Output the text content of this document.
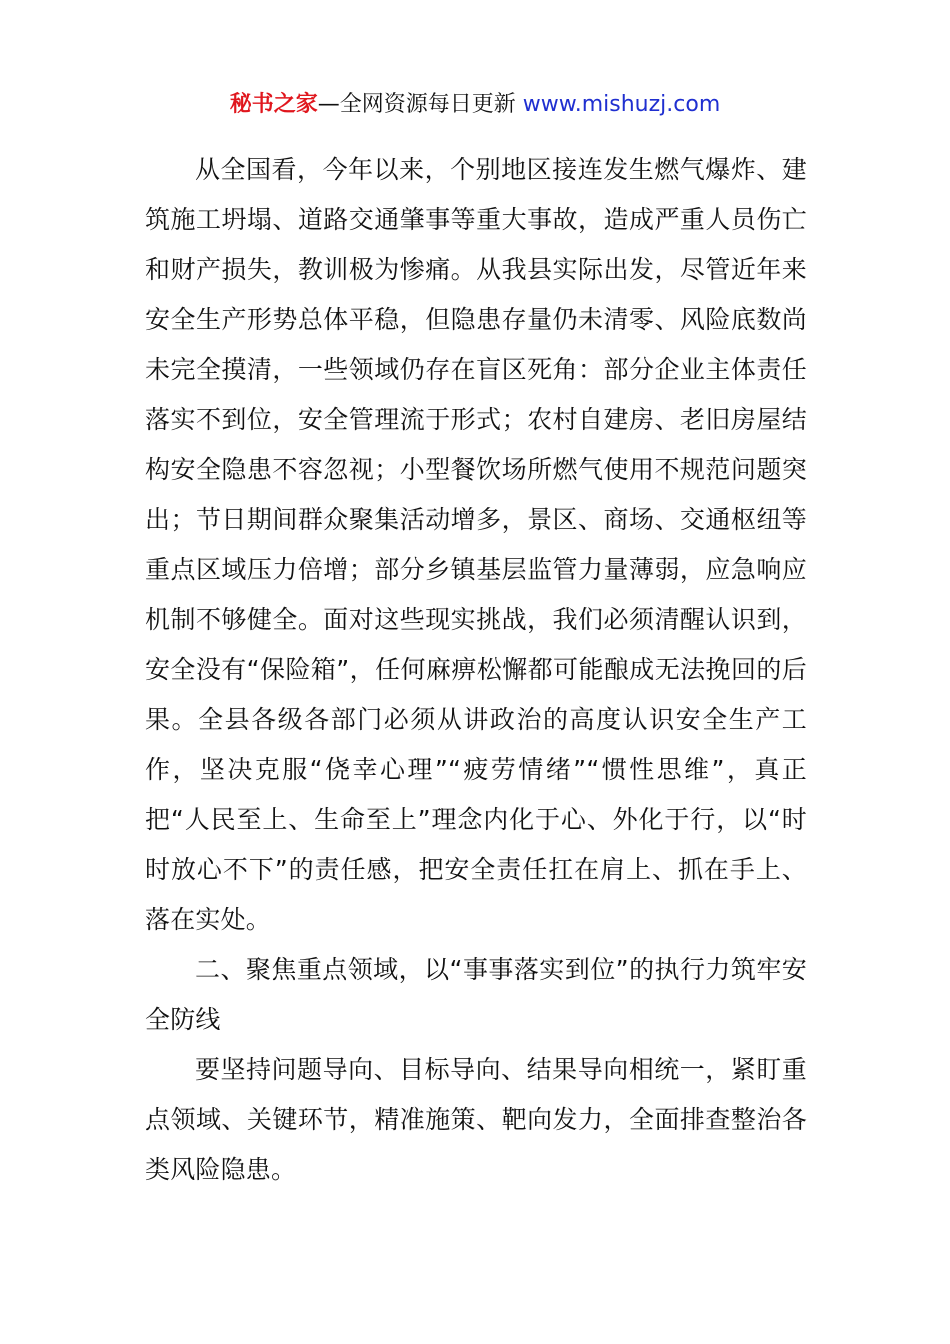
秘书之家—全网资源每日更新 www.mishuzj.com

从全国看，今年以来，个别地区接连发生燃气爆炸、建筑施工坍塌、道路交通肇事等重大事故，造成严重人员伤亡和财产损失，教训极为惨痛。从我县实际出发，尽管近年来安全生产形势总体平稳，但隐患存量仍未清零、风险底数尚未完全摸清，一些领域仍存在盲区死角：部分企业主体责任落实不到位，安全管理流于形式；农村自建房、老旧房屋结构安全隐患不容忽视；小型餐饮场所燃气使用不规范问题突出；节日期间群众聚集活动增多，景区、商场、交通枢纽等重点区域压力倍增；部分乡镇基层监管力量薄弱，应急响应机制不够健全。面对这些现实挑战，我们必须清醒认识到，安全没有“保险箱”，任何麻痹松懈都可能酿成无法挽回的后果。全县各级各部门必须从讲政治的高度认识安全生产工作，坚决克服“侥幸心理”“疲劳情绪”“惯性思维”，真正把“人民至上、生命至上”理念内化于心、外化于行，以“时时放心不下”的责任感，把安全责任扛在肩上、抓在手上、落在实处。

二、聚焦重点领域，以“事事落实到位”的执行力筑牢安全防线

要坚持问题导向、目标导向、结果导向相统一，紧盯重点领域、关键环节，精准施策、靶向发力，全面排查整治各类风险隐患。
